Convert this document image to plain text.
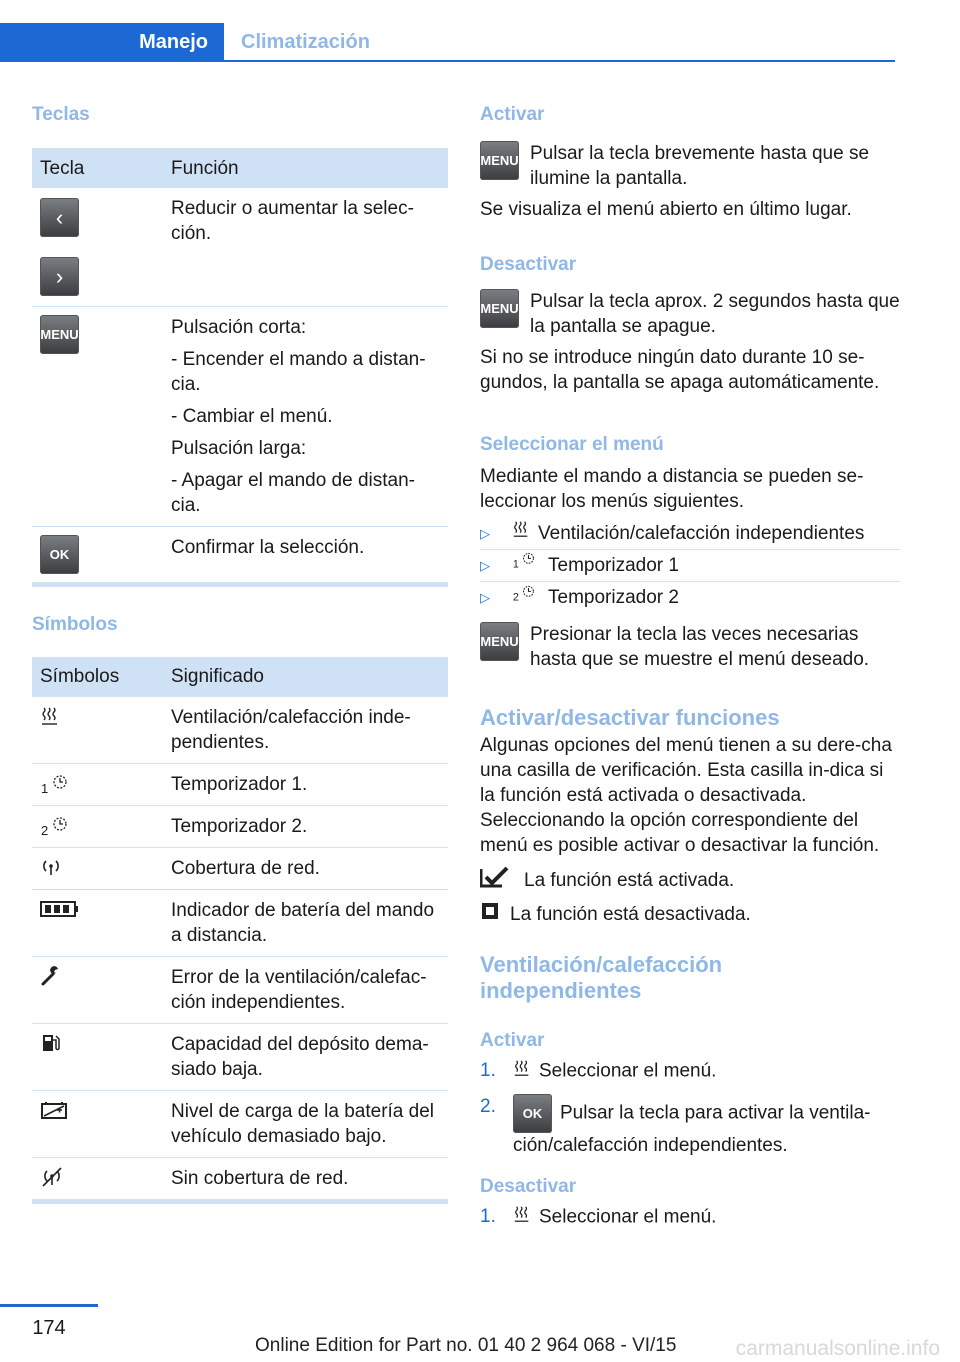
Manejo	Climatización
Teclas
Tecla	Función

‹
›	Reducir o aumentar la selec-ción.

MENU	Pulsación corta:

- Encender el mando a distan-cia.

- Cambiar el menú.

Pulsación larga:

- Apagar el mando de distan-cia.

OK	Confirmar la selección.

Símbolos
Símbolos	Significado

	Ventilación/calefacción inde-pendientes.

1	Temporizador 1.

2	Temporizador 2.

	Cobertura de red.

	Indicador de batería del mando a distancia.

	Error de la ventilación/calefac-ción independientes.

	Capacidad del depósito dema-siado baja.

	Nivel de carga de la batería del vehículo demasiado bajo.

	Sin cobertura de red.
Activar
MENU Pulsar la tecla brevemente hasta que se ilumine la pantalla.

Se visualiza el menú abierto en último lugar.

Desactivar
MENU Pulsar la tecla aprox. 2 segundos hasta que la pantalla se apague.

Si no se introduce ningún dato durante 10 se-gundos, la pantalla se apaga automáticamente.

Seleccionar el menú

Mediante el mando a distancia se pueden se-leccionar los menús siguientes.

▷	Ventilación/calefacción independientes
▷ 1 Temporizador 1
▷ 2 Temporizador 2
MENU Presionar la tecla las veces necesarias hasta que se muestre el menú deseado.
Activar/desactivar funciones

Algunas opciones del menú tienen a su dere-cha una casilla de verificación. Esta casilla in-dica si la función está activada o desactivada. Seleccionando la opción correspondiente del menú es posible activar o desactivar la función.

La función está activada.
La función está desactivada.
Ventilación/calefacción independientes
Activar
1. Seleccionar el menú.
2. OK Pulsar la tecla para activar la ventila-ción/calefacción independientes.
Desactivar
1. Seleccionar el menú.
174
Online Edition for Part no. 01 40 2 964 068 - VI/15	carmanualsonline.info
